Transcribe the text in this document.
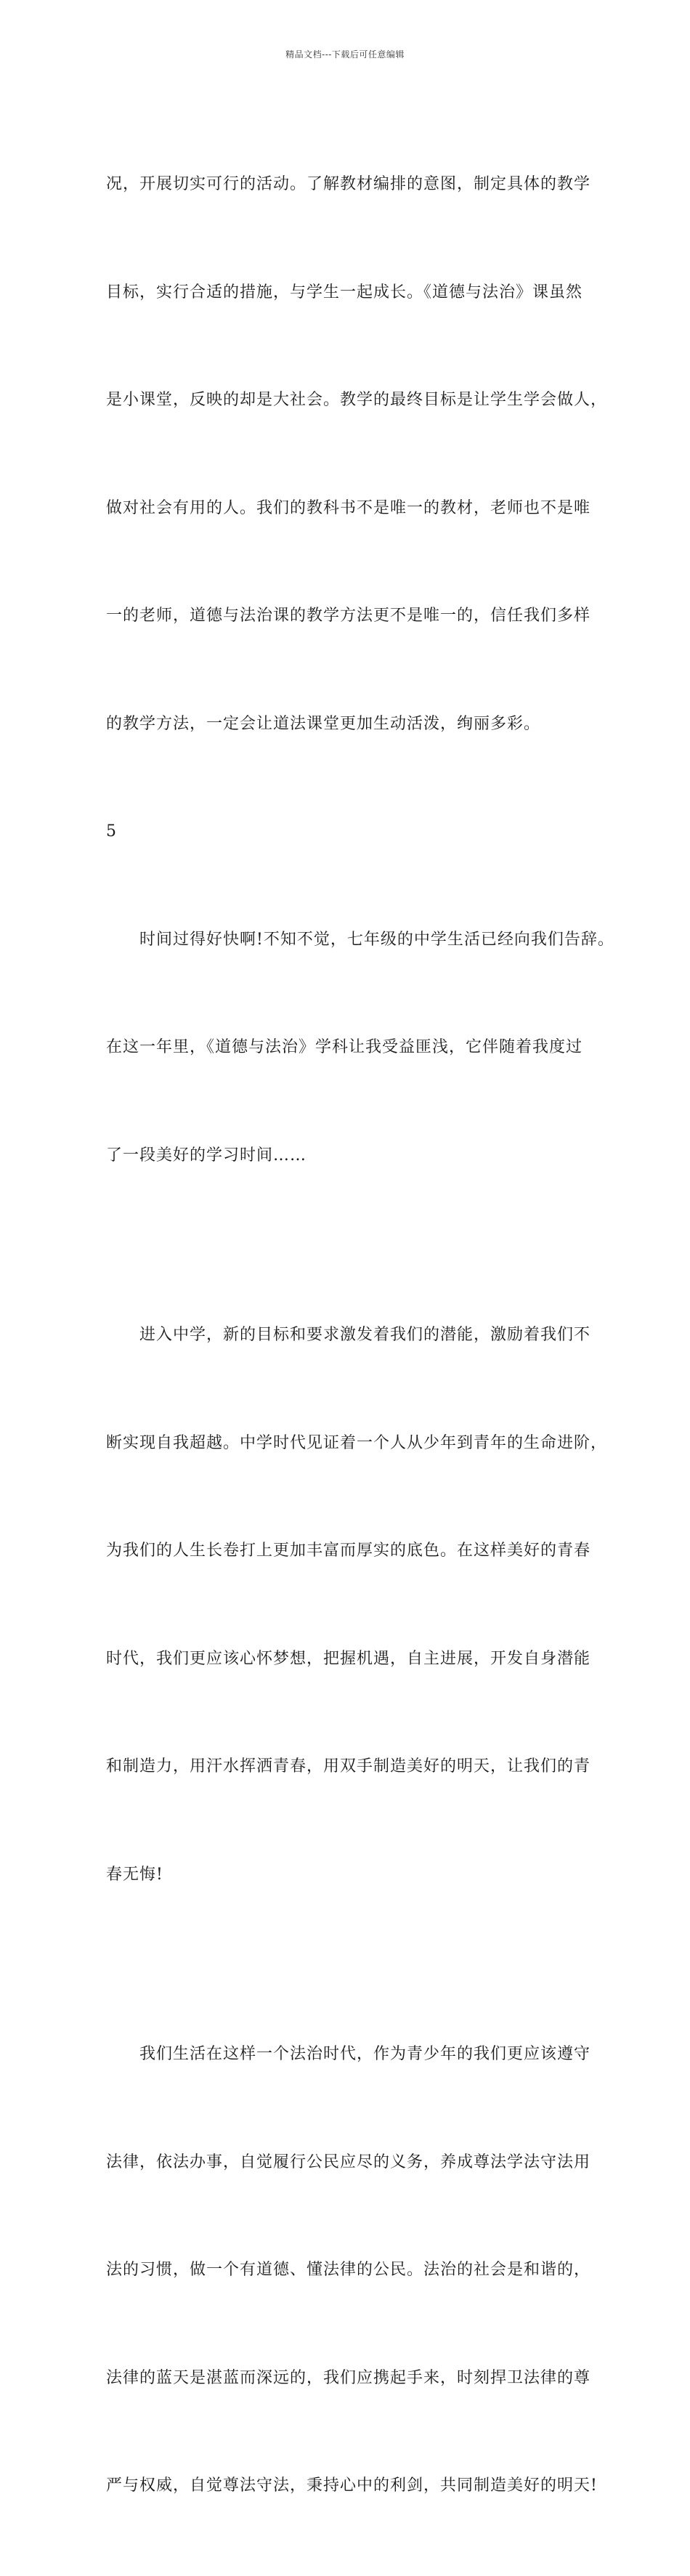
精品文档---下载后可任意编辑

况，开展切实可行的活动。了解教材编排的意图，制定具体的教学

目标，实行合适的措施，与学生一起成长。《道德与法治》课虽然

是小课堂，反映的却是大社会。教学的最终目标是让学生学会做人，

做对社会有用的人。我们的教科书不是唯一的教材，老师也不是唯

一的老师，道德与法治课的教学方法更不是唯一的，信任我们多样

的教学方法，一定会让道法课堂更加生动活泼，绚丽多彩。

5

　　时间过得好快啊!不知不觉，七年级的中学生活已经向我们告辞。

在这一年里，《道德与法治》学科让我受益匪浅，它伴随着我度过

了一段美好的学习时间……

　　进入中学，新的目标和要求激发着我们的潜能，激励着我们不

断实现自我超越。中学时代见证着一个人从少年到青年的生命进阶，

为我们的人生长卷打上更加丰富而厚实的底色。在这样美好的青春

时代，我们更应该心怀梦想，把握机遇，自主进展，开发自身潜能

和制造力，用汗水挥洒青春，用双手制造美好的明天，让我们的青

春无悔!

　　我们生活在这样一个法治时代，作为青少年的我们更应该遵守

法律，依法办事，自觉履行公民应尽的义务，养成尊法学法守法用

法的习惯，做一个有道德、懂法律的公民。法治的社会是和谐的，

法律的蓝天是湛蓝而深远的，我们应携起手来，时刻捍卫法律的尊

严与权威，自觉尊法守法，秉持心中的利剑，共同制造美好的明天!
